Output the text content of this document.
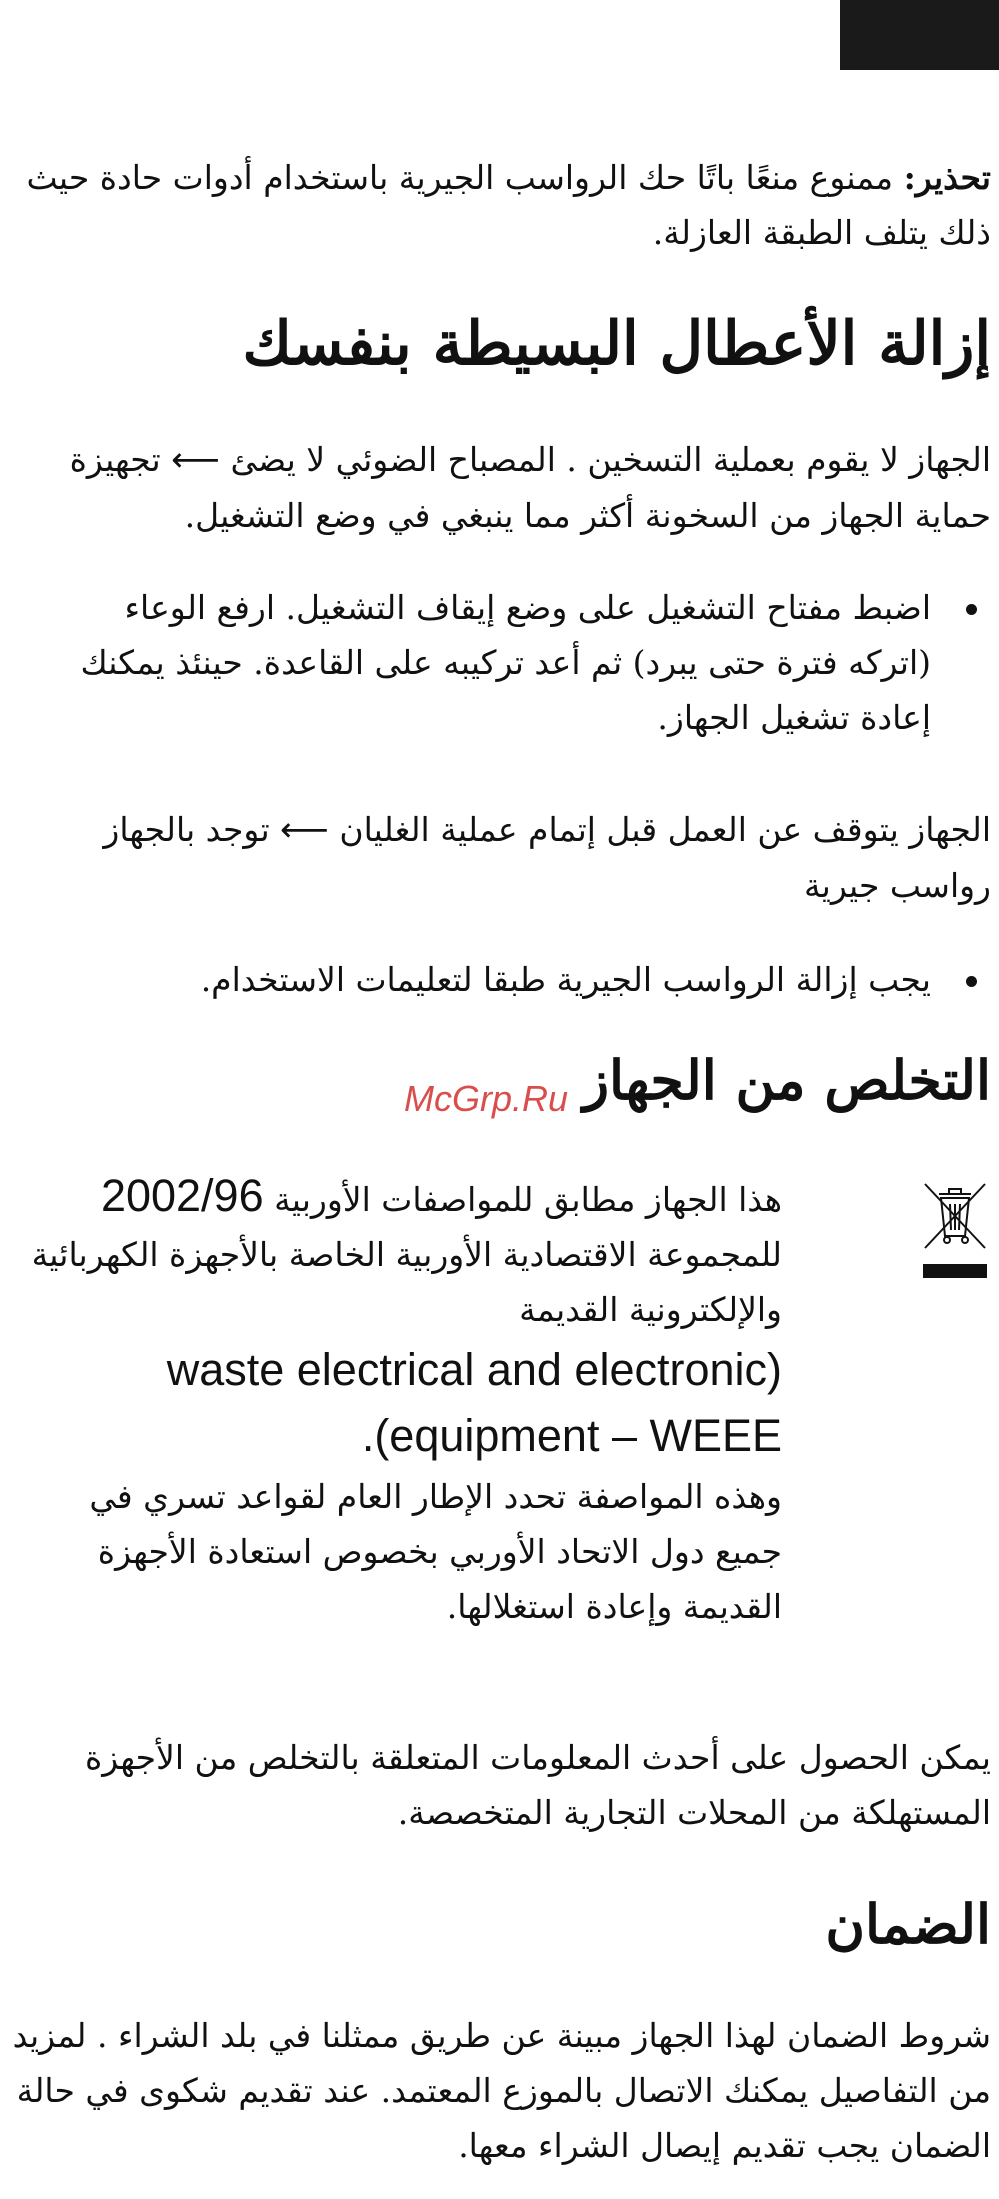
تحذير: ممنوع منعًا باتًا حك الرواسب الجيرية باستخدام أدوات حادة حيث ذلك يتلف الطبقة العازلة.
إزالة الأعطال البسيطة بنفسك
الجهاز لا يقوم بعملية التسخين . المصباح الضوئي لا يضئ ⟵ تجهيزة حماية الجهاز من السخونة أكثر مما ينبغي في وضع التشغيل.
اضبط مفتاح التشغيل على وضع إيقاف التشغيل. ارفع الوعاء (اتركه فترة حتى يبرد) ثم أعد تركيبه على القاعدة. حينئذ يمكنك إعادة تشغيل الجهاز.
الجهاز يتوقف عن العمل قبل إتمام عملية الغليان ⟵ توجد بالجهاز رواسب جيرية
يجب إزالة الرواسب الجيرية طبقا لتعليمات الاستخدام.
التخلص من الجهاز
McGrp.Ru
هذا الجهاز مطابق للمواصفات الأوربية 2002/96
للمجموعة الاقتصادية الأوربية الخاصة بالأجهزة الكهربائية والإلكترونية القديمة
waste electrical and electronic)
.(equipment – WEEE
وهذه المواصفة تحدد الإطار العام لقواعد تسري في جميع دول الاتحاد الأوربي بخصوص استعادة الأجهزة القديمة وإعادة استغلالها.
يمكن الحصول على أحدث المعلومات المتعلقة بالتخلص من الأجهزة المستهلكة من المحلات التجارية المتخصصة.
الضمان
شروط الضمان لهذا الجهاز مبينة عن طريق ممثلنا في بلد الشراء . لمزيد من التفاصيل يمكنك الاتصال بالموزع المعتمد. عند تقديم شكوى في حالة الضمان يجب تقديم إيصال الشراء معها.
